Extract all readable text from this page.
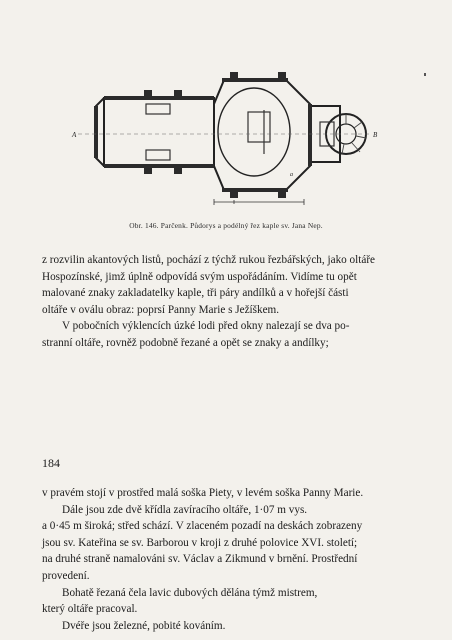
A	B
a
Obr. 146. Parčenk. Půdorys a podélný řez kaple sv. Jana Nep.

z rozvilin akantových listů, pochází z týchž rukou řezbářských, jako oltáře

Hospozínské, jimž úplně odpovídá svým uspořádáním. Vidíme tu opět

malované znaky zakladatelky kaple, tři páry andílků a v hořejší části

oltáře v oválu obraz: poprsí Panny Marie s Ježíškem.

V pobočních výklencích úzké lodi před okny nalezají se dva po-

stranní oltáře, rovněž podobně řezané a opět se znaky a andílky;

184

v pravém stojí v prostřed malá soška Piety, v levém soška Panny Marie.

Dále jsou zde dvě křídla zavíracího oltáře, 1·07 m vys.

a 0·45 m široká; střed schází. V zlaceném pozadí na deskách zobrazeny

jsou sv. Kateřina se sv. Barborou v kroji z druhé polovice XVI. století;

na druhé straně namalováni sv. Václav a Zikmund v brnění. Prostřední

provedení.

Bohatě řezaná čela lavic dubových dělána týmž mistrem,

který oltáře pracoval.

Dvéře jsou železné, pobité kováním.
